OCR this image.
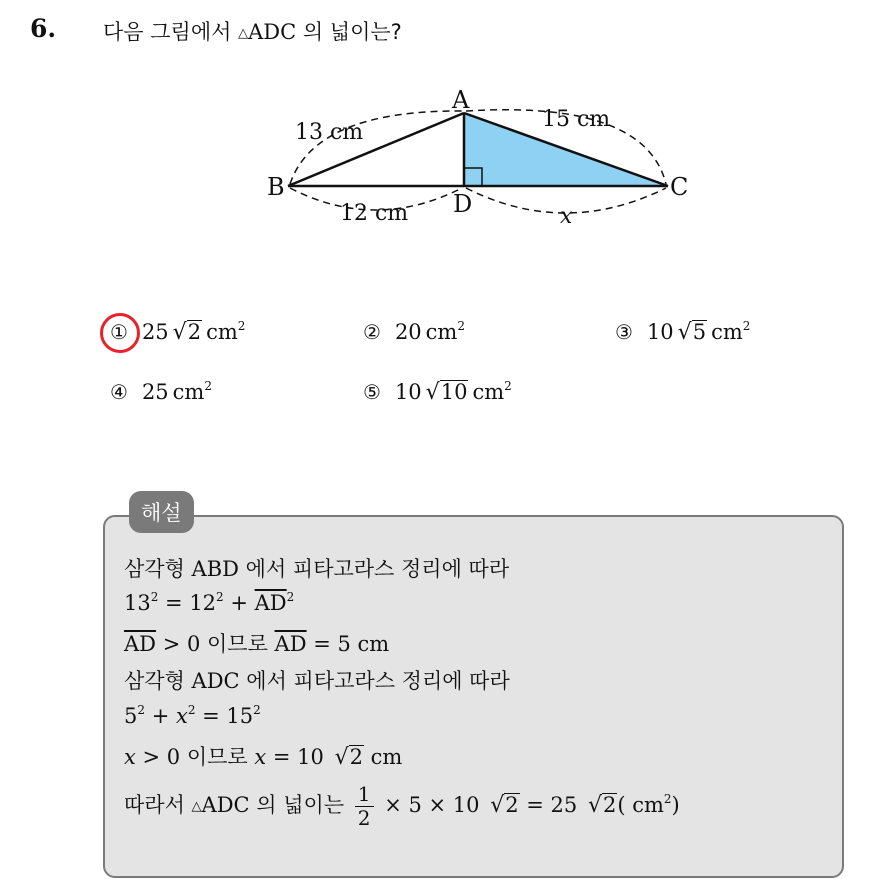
6. 다음 그림에서 △ADC 의 넓이는?
A
B	C
D
13 cm
15 cm
12 cm	x
① 25 √ 2 $cm^2$	② 20 $cm^2$	③ 10 √ 5 $cm^2$
④ 25 $cm^2$	⑤ 10 √ 10 $cm^2$
해설
삼각형 ABD 에서 피타고라스 정리에 따라
$13^2 = 12^2 + \overline{AD}^2$
$\overline{AD} > 0$ 이므로 $\overline{AD} = 5$ cm
삼각형 ADC 에서 피타고라스 정리에 따라
$5^2 + x^2 = 15^2$
x > 0 이므로 x = 10 √ 2 cm
따라서 △ADC 의 넓이는 $\frac{1}{2} \times 5 \times 10$ √ 2 = 25 √ 2 ( $cm^2$)
